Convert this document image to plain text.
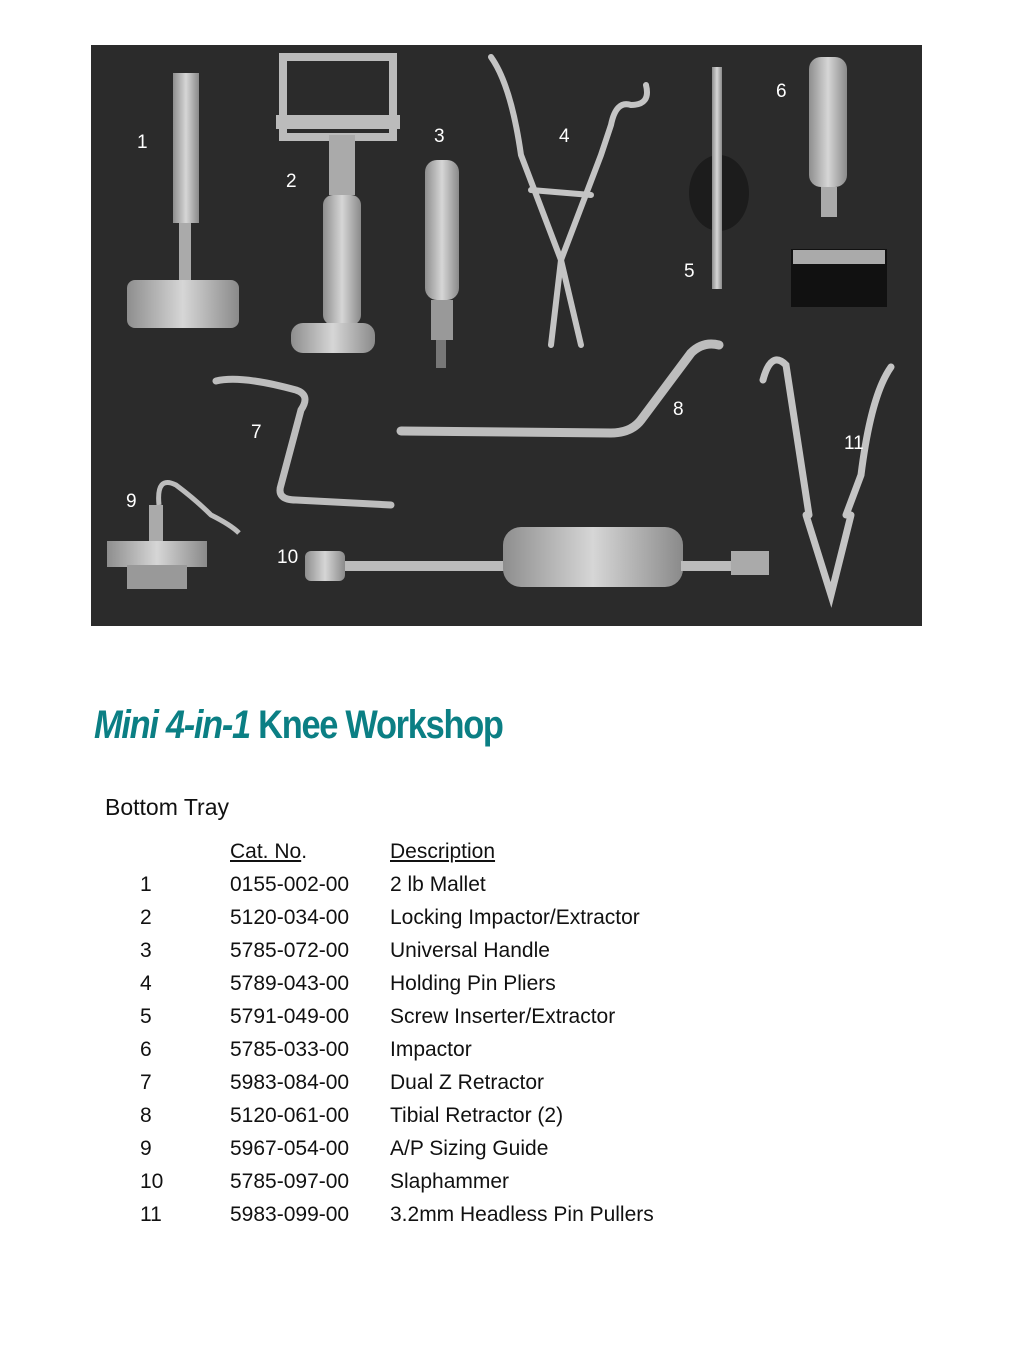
1
2
3	4
5
6
7
8
9
10
11
Mini 4-in-1 Knee Workshop
Bottom Tray
Cat. No.	Description
1	0155-002-00 2 lb Mallet
2	5120-034-00 Locking Impactor/Extractor
3	5785-072-00 Universal Handle
4	5789-043-00 Holding Pin Pliers
5	5791-049-00 Screw Inserter/Extractor
6	5785-033-00 Impactor
7	5983-084-00 Dual Z Retractor
8	5120-061-00 Tibial Retractor (2)
9	5967-054-00 A/P Sizing Guide
10	5785-097-00 Slaphammer
11	5983-099-00 3.2mm Headless Pin Pullers
